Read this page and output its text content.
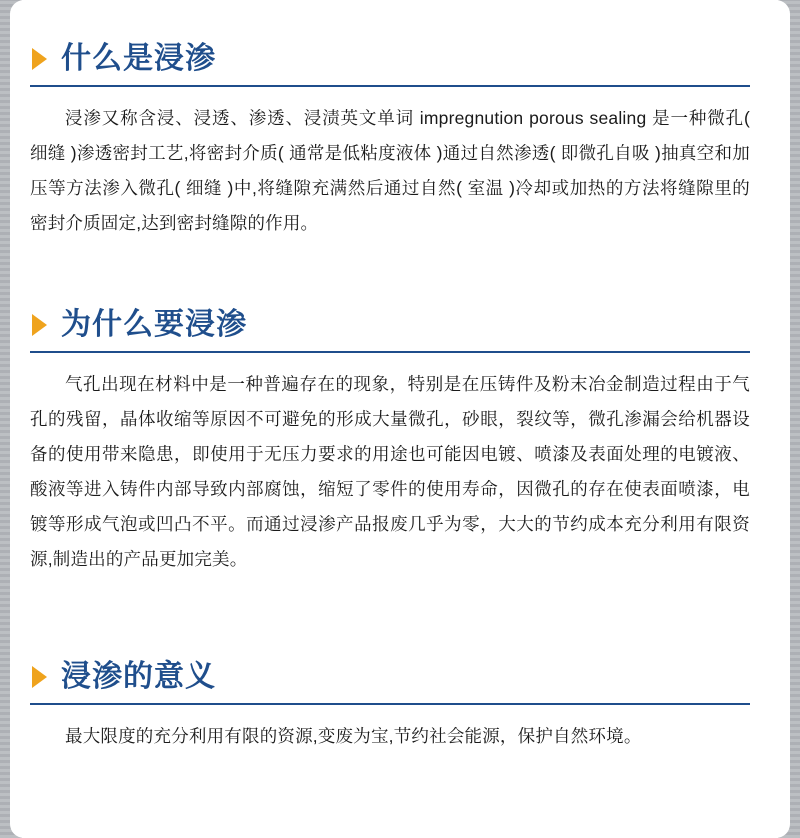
什么是浸渗

浸渗又称含浸、浸透、渗透、浸渍英文单词 impregnution porous sealing 是一种微孔( 细缝 )渗透密封工艺,将密封介质( 通常是低粘度液体 )通过自然渗透( 即微孔自吸 )抽真空和加压等方法渗入微孔( 细缝 )中,将缝隙充满然后通过自然( 室温 )冷却或加热的方法将缝隙里的密封介质固定,达到密封缝隙的作用。

为什么要浸渗

气孔出现在材料中是一种普遍存在的现象，特别是在压铸件及粉末冶金制造过程由于气孔的残留，晶体收缩等原因不可避免的形成大量微孔，砂眼，裂纹等，微孔渗漏会给机器设备的使用带来隐患，即使用于无压力要求的用途也可能因电镀、喷漆及表面处理的电镀液、酸液等进入铸件内部导致内部腐蚀，缩短了零件的使用寿命，因微孔的存在使表面喷漆，电镀等形成气泡或凹凸不平。而通过浸渗产品报废几乎为零，大大的节约成本充分利用有限资源,制造出的产品更加完美。

浸渗的意义

最大限度的充分利用有限的资源,变废为宝,节约社会能源，保护自然环境。
